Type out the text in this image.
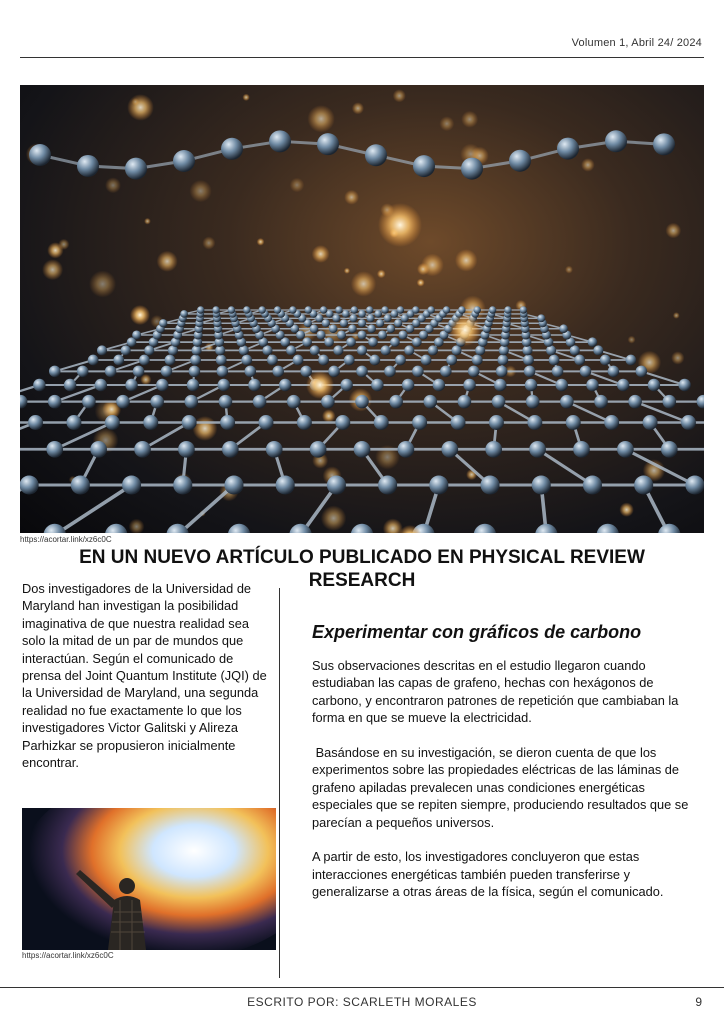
Volumen 1, Abril 24/ 2024
https://acortar.link/xz6c0C
EN UN NUEVO ARTÍCULO PUBLICADO EN PHYSICAL REVIEW RESEARCH
Dos investigadores de la Universidad de Maryland han investigan la posibilidad imaginativa de que nuestra realidad sea solo la mitad de un par de mundos que interactúan. Según el comunicado de prensa del Joint Quantum Institute (JQI) de la Universidad de Maryland, una segunda realidad no fue exactamente lo que los investigadores Victor Galitski y Alireza Parhizkar se propusieron inicialmente encontrar.
https://acortar.link/xz6c0C
Experimentar con gráficos de carbono

Sus observaciones descritas en el estudio llegaron cuando estudiaban las capas de grafeno, hechas con hexágonos de carbono, y encontraron patrones de repetición que cambiaban la forma en que se mueve la electricidad.

Basándose en su investigación, se dieron cuenta de que los experimentos sobre las propiedades eléctricas de las láminas de grafeno apiladas prevalecen unas condiciones energéticas especiales que se repiten siempre, produciendo resultados que se parecían a pequeños universos.

A partir de esto, los investigadores concluyeron que estas interacciones energéticas también pueden transferirse y generalizarse a otras áreas de la física, según el comunicado.

ESCRITO POR: SCARLETH MORALES	9
